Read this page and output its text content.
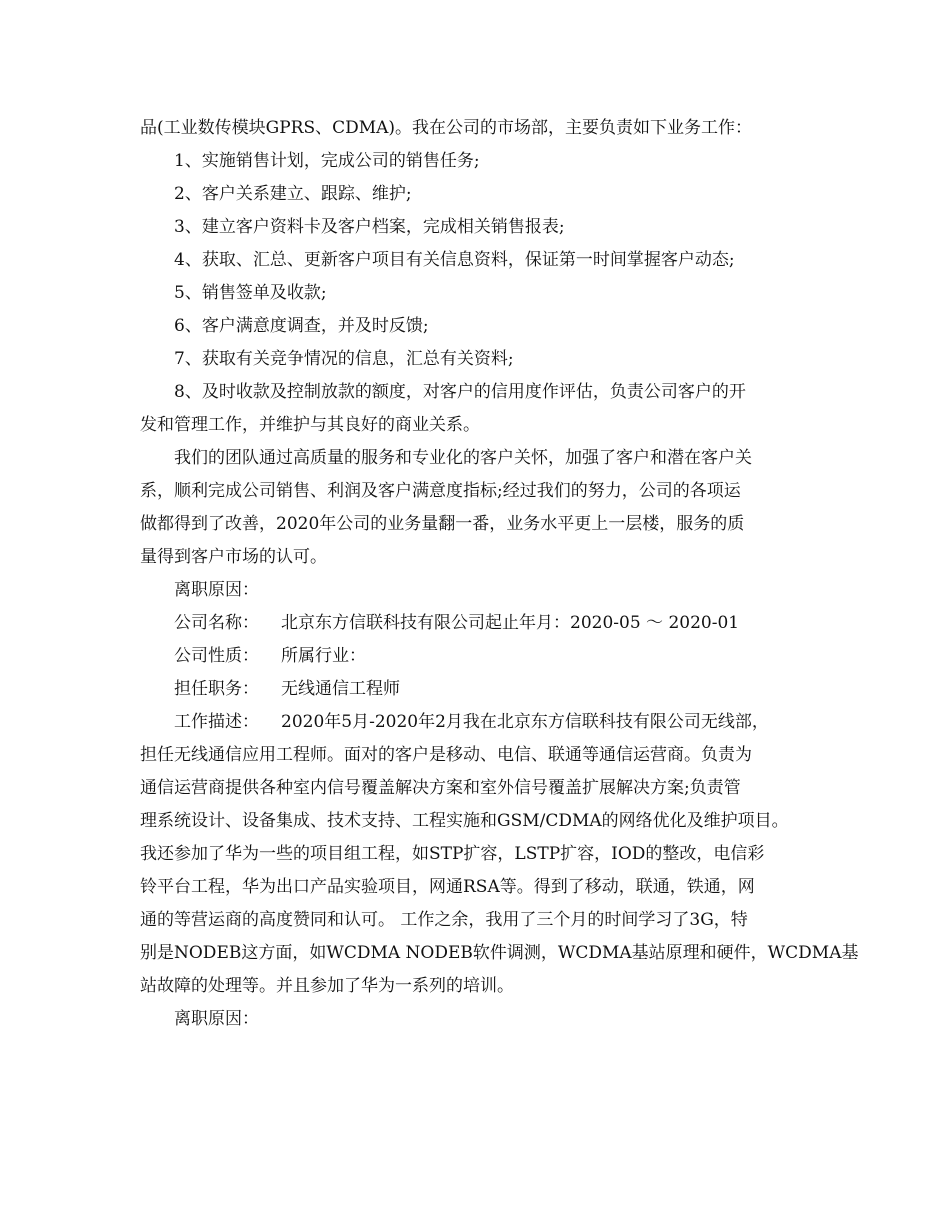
品(工业数传模块GPRS、CDMA)。我在公司的市场部，主要负责如下业务工作：
1、实施销售计划，完成公司的销售任务;
2、客户关系建立、跟踪、维护;
3、建立客户资料卡及客户档案，完成相关销售报表;
4、获取、汇总、更新客户项目有关信息资料，保证第一时间掌握客户动态;
5、销售签单及收款;
6、客户满意度调查，并及时反馈;
7、获取有关竞争情况的信息，汇总有关资料;
8、及时收款及控制放款的额度，对客户的信用度作评估，负责公司客户的开
发和管理工作，并维护与其良好的商业关系。
我们的团队通过高质量的服务和专业化的客户关怀，加强了客户和潜在客户关
系，顺利完成公司销售、利润及客户满意度指标;经过我们的努力，公司的各项运
做都得到了改善，2020年公司的业务量翻一番，业务水平更上一层楼，服务的质
量得到客户市场的认可。
离职原因：
公司名称： 北京东方信联科技有限公司起止年月：2020-05 ～ 2020-01
公司性质： 所属行业：
担任职务： 无线通信工程师
工作描述： 2020年5月-2020年2月我在北京东方信联科技有限公司无线部，
担任无线通信应用工程师。面对的客户是移动、电信、联通等通信运营商。负责为
通信运营商提供各种室内信号覆盖解决方案和室外信号覆盖扩展解决方案;负责管
理系统设计、设备集成、技术支持、工程实施和GSM/CDMA的网络优化及维护项目。
我还参加了华为一些的项目组工程，如STP扩容，LSTP扩容，IOD的整改，电信彩
铃平台工程，华为出口产品实验项目，网通RSA等。得到了移动，联通，铁通，网
通的等营运商的高度赞同和认可。 工作之余，我用了三个月的时间学习了3G，特
别是NODEB这方面，如WCDMA NODEB软件调测，WCDMA基站原理和硬件，WCDMA基
站故障的处理等。并且参加了华为一系列的培训。
离职原因：
